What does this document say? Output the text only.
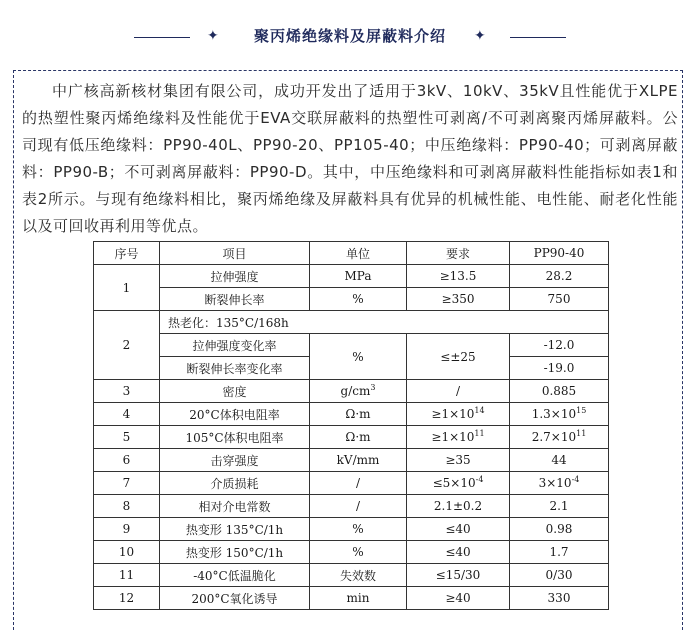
✦	聚丙烯绝缘料及屏蔽料介绍	✦

中广核高新核材集团有限公司，成功开发出了适用于3kV、10kV、35kV且性能优于XLPE的热塑性聚丙烯绝缘料及性能优于EVA交联屏蔽料的热塑性可剥离/不可剥离聚丙烯屏蔽料。公司现有低压绝缘料：PP90-40L、PP90-20、PP105-40；中压绝缘料：PP90-40；可剥离屏蔽料：PP90-B；不可剥离屏蔽料：PP90-D。其中，中压绝缘料和可剥离屏蔽料性能指标如表1和表2所示。与现有绝缘料相比，聚丙烯绝缘及屏蔽料具有优异的机械性能、电性能、耐老化性能以及可回收再利用等优点。

序号	项目	单位	要求	PP90-40
1	拉伸强度	MPa	≥13.5	28.2
	断裂伸长率	%	≥350	750
2	热老化：135°C/168h			
	拉伸强度变化率	%	≤±25	-12.0
	断裂伸长率变化率			-19.0
3	密度	$g/cm^3$	/	0.885
4	20°C体积电阻率	Ω·m	$\ge 1\times 10^{14}$	$1.3\times 10^{15}$
5	105°C体积电阻率	Ω·m	$\ge 1\times 10^{11}$	$2.7\times 10^{11}$
6	击穿强度	kV/mm	≥35	44
7	介质损耗	/	$\le 5\times 10^{-4}$	$3\times 10^{-4}$
8	相对介电常数	/	2.1±0.2	2.1
9	热变形 135°C/1h	%	≤40	0.98
10	热变形 150°C/1h	%	≤40	1.7
11	-40°C低温脆化	失效数	≤15/30	0/30
12	200°C氧化诱导	min	≥40	330
